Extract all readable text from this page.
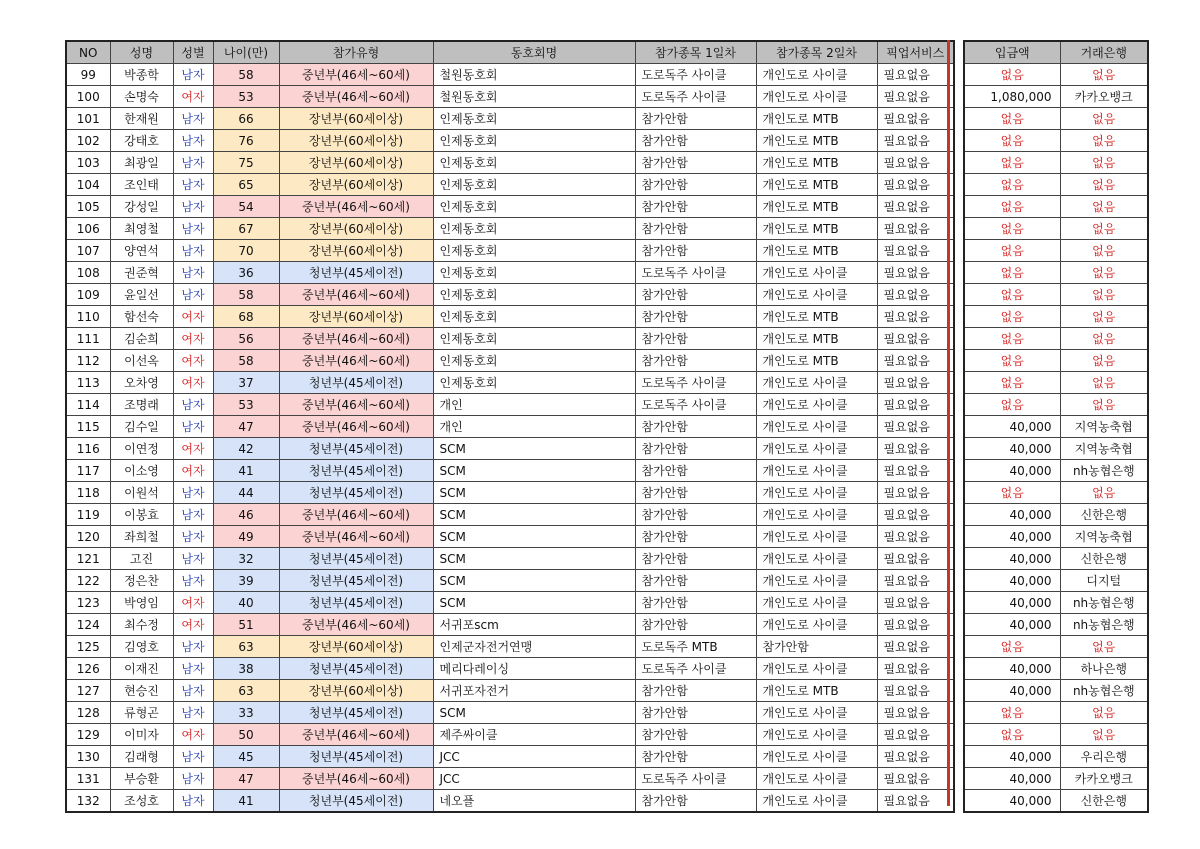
NO	성명	성별	나이(만)	참가유형	동호회명	참가종목 1일차	참가종목 2일차	픽업서비스
99	박종학	남자	58	중년부(46세~60세)	철원동호회	도로독주 사이클	개인도로 사이클	필요없음
100	손명숙	여자	53	중년부(46세~60세)	철원동호회	도로독주 사이클	개인도로 사이클	필요없음
101	한재원	남자	66	장년부(60세이상)	인제동호회	참가안함	개인도로 MTB	필요없음
102	강태호	남자	76	장년부(60세이상)	인제동호회	참가안함	개인도로 MTB	필요없음
103	최광일	남자	75	장년부(60세이상)	인제동호회	참가안함	개인도로 MTB	필요없음
104	조인태	남자	65	장년부(60세이상)	인제동호회	참가안함	개인도로 MTB	필요없음
105	강성일	남자	54	중년부(46세~60세)	인제동호회	참가안함	개인도로 MTB	필요없음
106	최영철	남자	67	장년부(60세이상)	인제동호회	참가안함	개인도로 MTB	필요없음
107	양연석	남자	70	장년부(60세이상)	인제동호회	참가안함	개인도로 MTB	필요없음
108	권준혁	남자	36	청년부(45세이전)	인제동호회	도로독주 사이클	개인도로 사이클	필요없음
109	윤일선	남자	58	중년부(46세~60세)	인제동호회	참가안함	개인도로 사이클	필요없음
110	함선숙	여자	68	장년부(60세이상)	인제동호회	참가안함	개인도로 MTB	필요없음
111	김순희	여자	56	중년부(46세~60세)	인제동호회	참가안함	개인도로 MTB	필요없음
112	이선옥	여자	58	중년부(46세~60세)	인제동호회	참가안함	개인도로 MTB	필요없음
113	오차영	여자	37	청년부(45세이전)	인제동호회	도로독주 사이클	개인도로 사이클	필요없음
114	조명래	남자	53	중년부(46세~60세)	개인	도로독주 사이클	개인도로 사이클	필요없음
115	김수일	남자	47	중년부(46세~60세)	개인	참가안함	개인도로 사이클	필요없음
116	이연정	여자	42	청년부(45세이전)	SCM	참가안함	개인도로 사이클	필요없음
117	이소영	여자	41	청년부(45세이전)	SCM	참가안함	개인도로 사이클	필요없음
118	이원석	남자	44	청년부(45세이전)	SCM	참가안함	개인도로 사이클	필요없음
119	이봉효	남자	46	중년부(46세~60세)	SCM	참가안함	개인도로 사이클	필요없음
120	좌희철	남자	49	중년부(46세~60세)	SCM	참가안함	개인도로 사이클	필요없음
121	고진	남자	32	청년부(45세이전)	SCM	참가안함	개인도로 사이클	필요없음
122	정은찬	남자	39	청년부(45세이전)	SCM	참가안함	개인도로 사이클	필요없음
123	박영임	여자	40	청년부(45세이전)	SCM	참가안함	개인도로 사이클	필요없음
124	최수정	여자	51	중년부(46세~60세)	서귀포scm	참가안함	개인도로 사이클	필요없음
125	김영호	남자	63	장년부(60세이상)	인제군자전거연맹	도로독주 MTB	참가안함	필요없음
126	이재진	남자	38	청년부(45세이전)	메리다레이싱	도로독주 사이클	개인도로 사이클	필요없음
127	현승진	남자	63	장년부(60세이상)	서귀포자전거	참가안함	개인도로 MTB	필요없음
128	류형곤	남자	33	청년부(45세이전)	SCM	참가안함	개인도로 사이클	필요없음
129	이미자	여자	50	중년부(46세~60세)	제주싸이클	참가안함	개인도로 사이클	필요없음
130	김래형	남자	45	청년부(45세이전)	JCC	참가안함	개인도로 사이클	필요없음
131	부승환	남자	47	중년부(46세~60세)	JCC	도로독주 사이클	개인도로 사이클	필요없음
132	조성호	남자	41	청년부(45세이전)	네오플	참가안함	개인도로 사이클	필요없음
입금액	거래은행
없음	없음
1,080,000	카카오뱅크
없음	없음
없음	없음
없음	없음
없음	없음
없음	없음
없음	없음
없음	없음
없음	없음
없음	없음
없음	없음
없음	없음
없음	없음
없음	없음
없음	없음
40,000	지역농축협
40,000	지역농축협
40,000	nh농협은행
없음	없음
40,000	신한은행
40,000	지역농축협
40,000	신한은행
40,000	디지털
40,000	nh농협은행
40,000	nh농협은행
없음	없음
40,000	하나은행
40,000	nh농협은행
없음	없음
없음	없음
40,000	우리은행
40,000	카카오뱅크
40,000	신한은행
